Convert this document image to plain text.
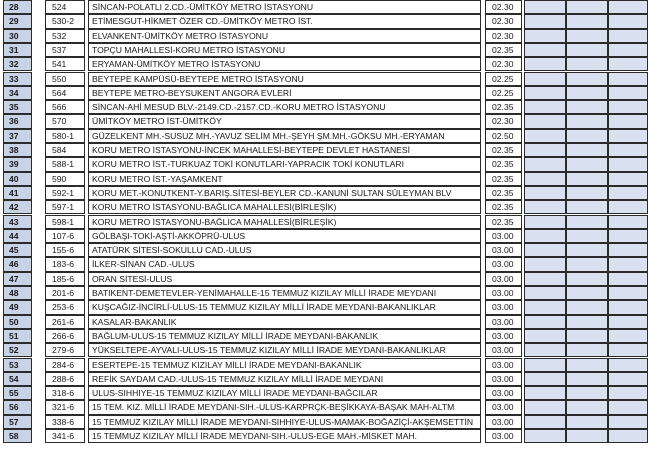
28	524	SİNCAN-POLATLI 2.CD.-ÜMİTKÖY METRO İSTASYONU	02.30
29	530-2	ETİMESGUT-HİKMET ÖZER CD.-ÜMİTKÖY METRO İST.	02.30
30	532	ELVANKENT-ÜMİTKÖY METRO İSTASYONU	02.30
31	537	TOPÇU MAHALLESİ-KORU METRO İSTASYONU	02.35
32	541	ERYAMAN-ÜMİTKÖY METRO İSTASYONU	02.30
33	550	BEYTEPE KAMPÜSÜ-BEYTEPE METRO İSTASYONU	02.25
34	564	BEYTEPE METRO-BEYSUKENT ANGORA EVLERİ	02.25
35	566	SİNCAN-AHİ MESUD BLV.-2149.CD.-2157.CD.-KORU METRO İSTASYONU	02.35
36	570	ÜMİTKÖY METRO İST-ÜMİTKÖY	02.30
37	580-1	GÜZELKENT MH.-SUSUZ MH.-YAVUZ SELİM MH.-ŞEYH ŞM.MH.-GÖKSU MH.-ERYAMAN	02.50
38	584	KORU METRO İSTASYONU-İNCEK MAHALLESİ-BEYTEPE DEVLET HASTANESİ	02.35
39	588-1	KORU METRO İST.-TURKUAZ TOKİ KONUTLARI-YAPRACIK TOKİ KONUTLARI	02.35
40	590	KORU METRO İST.-YAŞAMKENT	02.35
41	592-1	KORU MET.-KONUTKENT-Y.BARIŞ.SİTESİ-BEYLER CD.-KANUNİ SULTAN SÜLEYMAN BLV	02.35
42	597-1	KORU METRO İSTASYONU-BAĞLICA MAHALLESİ(BİRLEŞİK)	02.35
43	598-1	KORU METRO İSTASYONU-BAĞLICA MAHALLESİ(BİRLEŞİK)	02.35
44	107-6	GÖLBAŞI-TOKİ-AŞTİ-AKKÖPRÜ-ULUS	03.00
45	155-6	ATATÜRK SİTESİ-SOKULLU CAD.-ULUS	03.00
46	183-6	İLKER-SİNAN CAD.-ULUS	03.00
47	185-6	ORAN SİTESİ-ULUS	03.00
48	201-6	BATIKENT-DEMETEVLER-YENİMAHALLE-15 TEMMUZ KIZILAY MİLLİ İRADE MEYDANI	03.00
49	253-6	KUŞCAĞIZ-İNCİRLİ-ULUS-15 TEMMUZ KIZILAY MİLLİ İRADE MEYDANI-BAKANLIKLAR	03.00
50	261-6	KASALAR-BAKANLIK	03.00
51	266-6	BAĞLUM-ULUS-15 TEMMUZ KIZILAY MİLLİ İRADE MEYDANI-BAKANLIK	03.00
52	279-6	YÜKSELTEPE-AYVALI-ULUS-15 TEMMUZ KIZILAY MİLLİ İRADE MEYDANI-BAKANLIKLAR	03.00
53	284-6	ESERTEPE-15 TEMMUZ KIZILAY MİLLİ İRADE MEYDANI-BAKANLIK	03.00
54	288-6	REFİK SAYDAM CAD.-ULUS-15 TEMMUZ KIZILAY MİLLİ İRADE MEYDANI	03.00
55	318-6	ULUS-SIHHIYE-15 TEMMUZ KIZILAY MİLLİ İRADE MEYDANI-BAĞCILAR	03.00
56	321-6	15 TEM. KIZ. MİLLİ İRADE MEYDANI-SIH.-ULUS-KARPRÇK-BEŞİKKAYA-BAŞAK MAH-ALTM	03.00
57	338-6	15 TEMMUZ KIZILAY MİLLİ İRADE MEYDANI-SIHHIYE-ULUS-MAMAK-BOĞAZİÇİ-AKŞEMSETTİN	03.00
58	341-6	15 TEMMUZ KIZILAY MİLLİ İRADE MEYDANI-SIH.-ULUS-EGE MAH.-MİSKET MAH.	03.00
